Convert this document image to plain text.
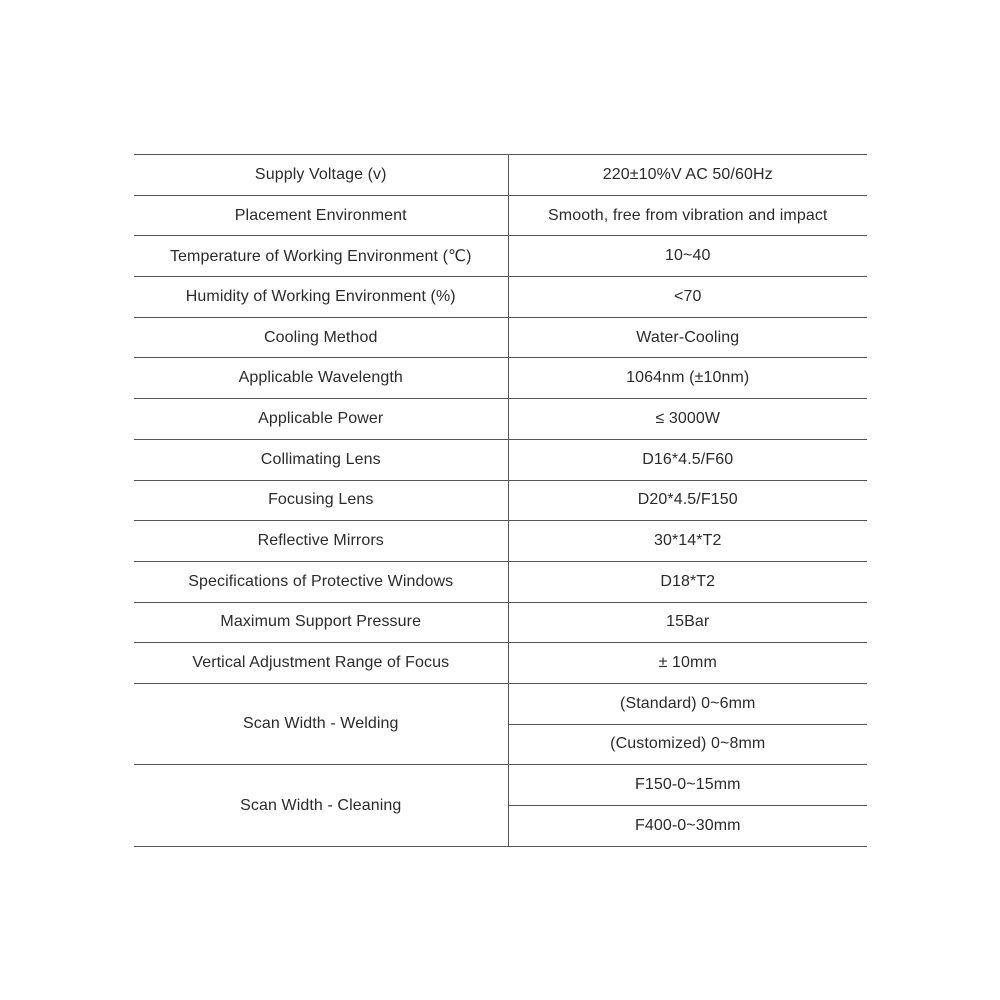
Supply Voltage (v)	220±10%V AC 50/60Hz
Placement Environment	Smooth, free from vibration and impact
Temperature of Working Environment (℃)	10~40
Humidity of Working Environment (%)	<70
Cooling Method	Water-Cooling
Applicable Wavelength	1064nm (±10nm)
Applicable Power	≤ 3000W
Collimating Lens	D16*4.5/F60
Focusing Lens	D20*4.5/F150
Reflective Mirrors	30*14*T2
Specifications of Protective Windows	D18*T2
Maximum Support Pressure	15Bar
Vertical Adjustment Range of Focus	± 10mm
Scan Width - Welding	(Standard) 0~6mm
	(Customized) 0~8mm
Scan Width - Cleaning	F150-0~15mm
	F400-0~30mm
